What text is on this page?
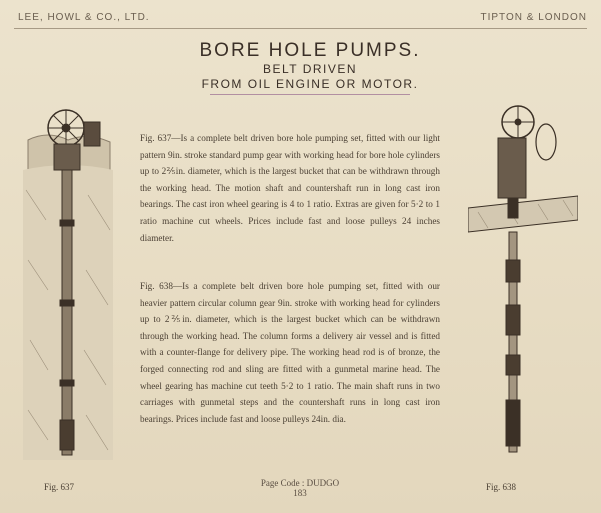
LEE, HOWL & CO., LTD.	TIPTON & LONDON
BORE HOLE PUMPS.
BELT DRIVEN
FROM OIL ENGINE OR MOTOR.
Fig. 637—Is a complete belt driven bore hole pumping set, fitted with our light pattern 9in. stroke standard pump gear with working head for bore hole cylinders up to 2⅖in. diameter, which is the largest bucket that can be withdrawn through the working head. The motion shaft and countershaft run in long cast iron bearings. The cast iron wheel gearing is 4 to 1 ratio. Extras are given for 5·2 to 1 ratio machine cut wheels. Prices include fast and loose pulleys 24 inches diameter.
Fig. 638—Is a complete belt driven bore hole pumping set, fitted with our heavier pattern circular column gear 9in. stroke with working head for cylinders up to 2⅖in. diameter, which is the largest bucket which can be withdrawn through the working head. The column forms a delivery air vessel and is fitted with a counter-flange for delivery pipe. The working head rod is of bronze, the forged connecting rod and sling are fitted with a gunmetal marine head. The wheel gearing has machine cut teeth 5·2 to 1 ratio. The main shaft runs in two carriages with gunmetal steps and the countershaft runs in long cast iron bearings. Prices include fast and loose pulleys 24in. dia.
Fig. 637	Fig. 638
Page Code : DUDGO
183
